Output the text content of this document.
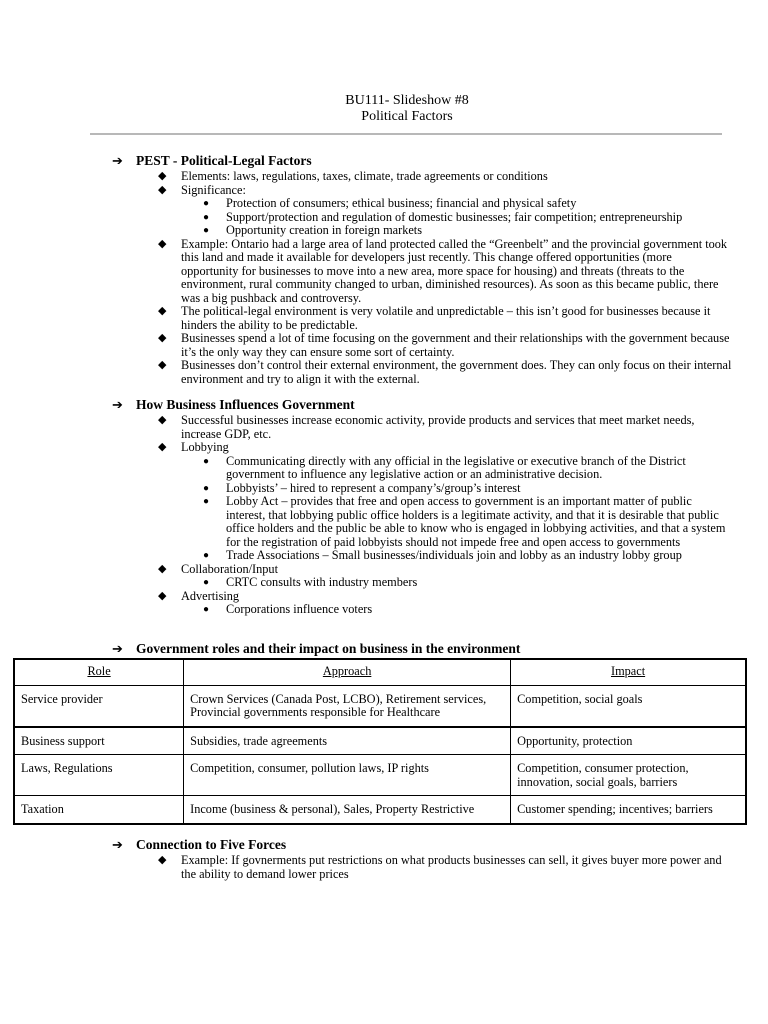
BU111- Slideshow #8
Political Factors
➔ PEST - Political-Legal Factors
◆ Elements: laws, regulations, taxes, climate, trade agreements or conditions
◆ Significance:
● Protection of consumers; ethical business; financial and physical safety
● Support/protection and regulation of domestic businesses; fair competition; entrepreneurship
● Opportunity creation in foreign markets
◆ Example: Ontario had a large area of land protected called the “Greenbelt” and the provincial government took this land and made it available for developers just recently. This change offered opportunities (more opportunity for businesses to move into a new area, more space for housing) and threats (threats to the environment, rural community changed to urban, diminished resources). As soon as this became public, there was a big pushback and controversy.
◆ The political-legal environment is very volatile and unpredictable – this isn’t good for businesses because it hinders the ability to be predictable.
◆ Businesses spend a lot of time focusing on the government and their relationships with the government because it’s the only way they can ensure some sort of certainty.
◆ Businesses don’t control their external environment, the government does. They can only focus on their internal environment and try to align it with the external.
➔ How Business Influences Government
◆ Successful businesses increase economic activity, provide products and services that meet market needs, increase GDP, etc.
◆ Lobbying
● Communicating directly with any official in the legislative or executive branch of the District government to influence any legislative action or an administrative decision.
● Lobbyists’ – hired to represent a company’s/group’s interest
● Lobby Act – provides that free and open access to government is an important matter of public interest, that lobbying public office holders is a legitimate activity, and that it is desirable that public office holders and the public be able to know who is engaged in lobbying activities, and that a system for the registration of paid lobbyists should not impede free and open access to governments
● Trade Associations – Small businesses/individuals join and lobby as an industry lobby group
◆ Collaboration/Input
● CRTC consults with industry members
◆ Advertising
● Corporations influence voters
➔ Government roles and their impact on business in the environment
Role	Approach	Impact
Service provider	Crown Services (Canada Post, LCBO), Retirement services, Provincial governments responsible for Healthcare	Competition, social goals
Business support	Subsidies, trade agreements	Opportunity, protection
Laws, Regulations	Competition, consumer, pollution laws, IP rights	Competition, consumer protection, innovation, social goals, barriers
Taxation	Income (business & personal), Sales, Property Restrictive	Customer spending; incentives; barriers
➔ Connection to Five Forces
◆ Example: If govnerments put restrictions on what products businesses can sell, it gives buyer more power and the ability to demand lower prices
